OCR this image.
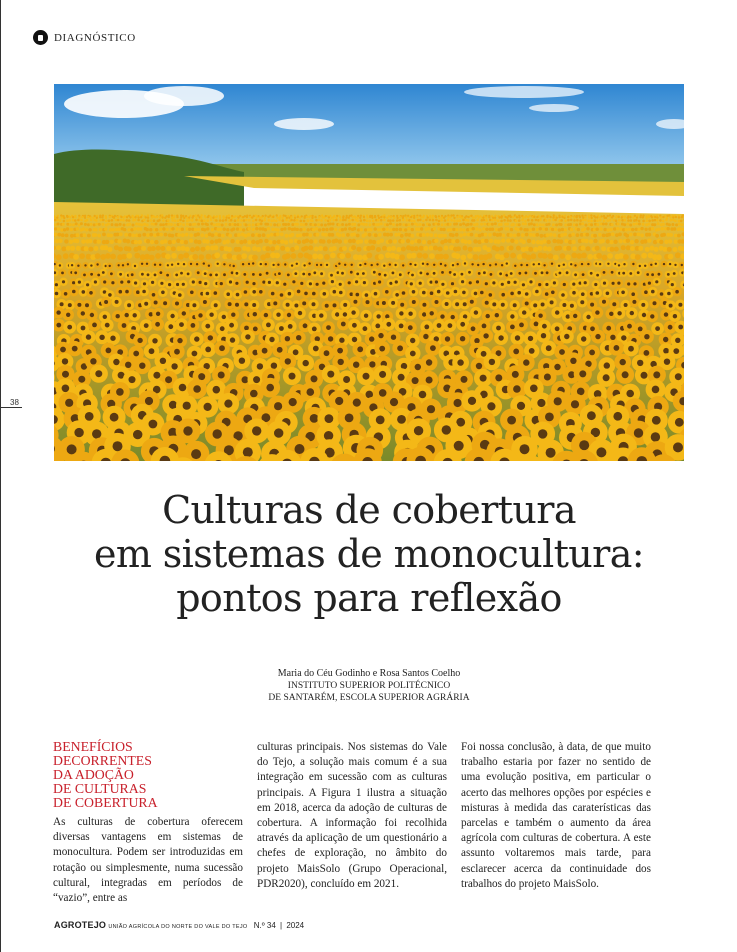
38
DIAGNÓSTICO
Culturas de cobertura
em sistemas de monocultura:
pontos para reflexão
Maria do Céu Godinho e Rosa Santos Coelho
INSTITUTO SUPERIOR POLITÉCNICO
DE SANTARÉM, ESCOLA SUPERIOR AGRÁRIA
BENEFÍCIOS
DECORRENTES
DA ADOÇÃO
DE CULTURAS
DE COBERTURA

As culturas de cobertura oferecem diversas vantagens em sistemas de monocultura. Podem ser introduzidas em rotação ou simplesmente, numa sucessão cultural, integradas em períodos de “vazio”, entre as

culturas principais. Nos sistemas do Vale do Tejo, a solução mais comum é a sua integração em sucessão com as culturas principais. A Figura 1 ilustra a situação em 2018, acerca da adoção de culturas de cobertura. A informação foi recolhida através da aplicação de um questionário a chefes de exploração, no âmbito do projeto MaisSolo (Grupo Operacional, PDR2020), concluído em 2021.

Foi nossa conclusão, à data, de que muito trabalho estaria por fazer no sentido de uma evolução positiva, em particular o acerto das melhores opções por espécies e misturas à medida das caraterísticas das parcelas e também o aumento da área agrícola com culturas de cobertura. A este assunto voltaremos mais tarde, para esclarecer acerca da continuidade dos trabalhos do projeto MaisSolo.

AGROTEJO UNIÃO AGRÍCOLA DO NORTE DO VALE DO TEJO N.º 34 | 2024
